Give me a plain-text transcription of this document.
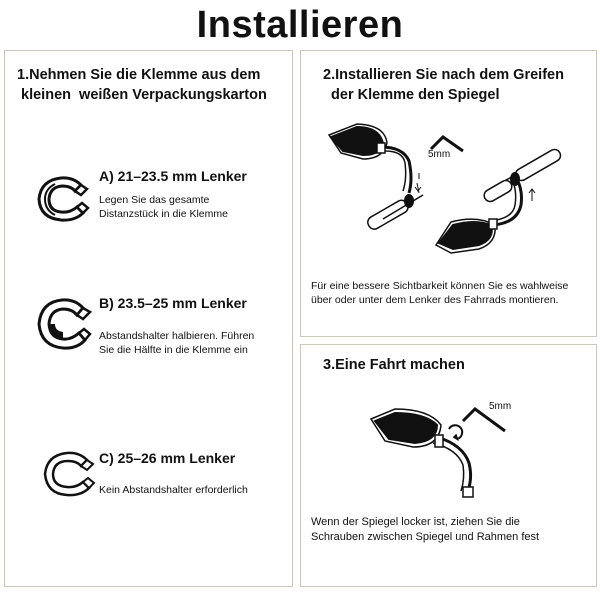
Installieren
1.Nehmen Sie die Klemme aus dem
kleinen  weißen Verpackungskarton
A) 21–23.5 mm Lenker
Legen Sie das gesamte
Distanzstück in die Klemme
B) 23.5–25 mm Lenker
Abstandshalter halbieren. Führen
Sie die Hälfte in die Klemme ein
C) 25–26 mm Lenker
Kein Abstandshalter erforderlich
2.Installieren Sie nach dem Greifen
der Klemme den Spiegel
5mm
Für eine bessere Sichtbarkeit können Sie es wahlweise
über oder unter dem Lenker des Fahrrads montieren.
3.Eine Fahrt machen
5mm
Wenn der Spiegel locker ist, ziehen Sie die
Schrauben zwischen Spiegel und Rahmen fest
